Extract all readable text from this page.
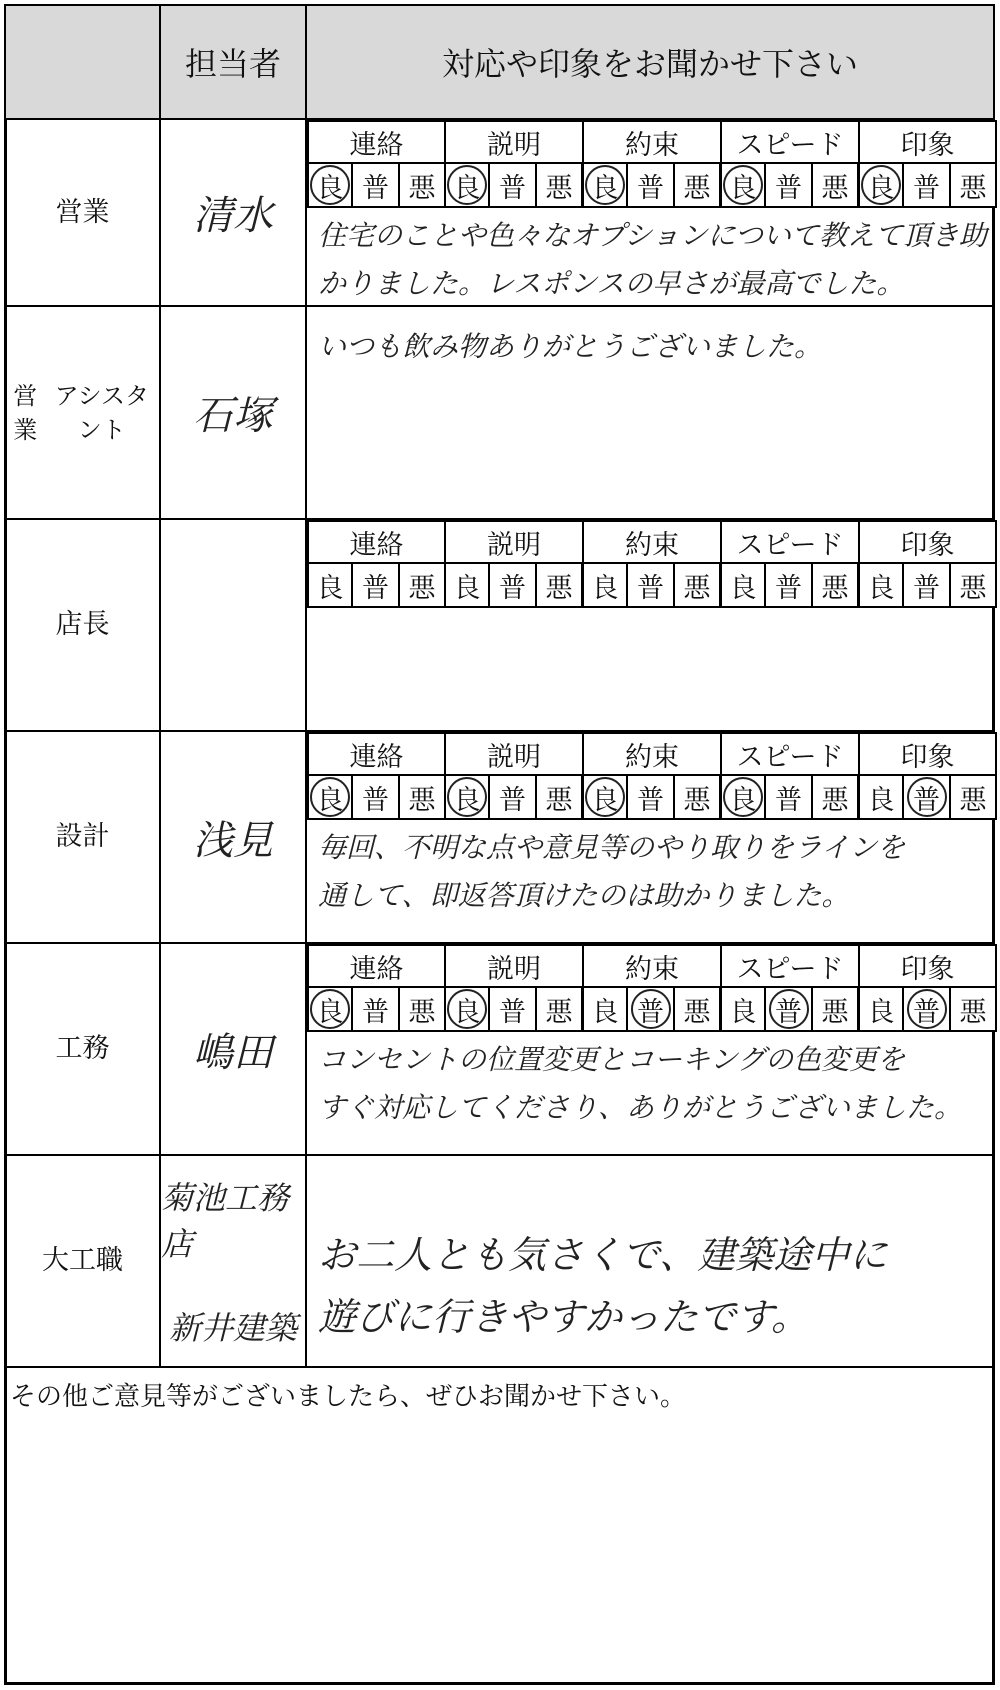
担当者	対応や印象をお聞かせ下さい
営業 清水
連絡
良 普 悪
説明
良 普 悪
約束
良 普 悪
スピード
良 普 悪
印象
良 普 悪
住宅のことや色々なオプションについて教えて頂き助
かりました。レスポンスの早さが最高でした。
営業
アシスタント	石塚
いつも飲み物ありがとうございました。
店長
連絡
良 普 悪
説明
良 普 悪
約束
良 普 悪
スピード
良 普 悪
印象
良 普 悪
設計 浅見
連絡
良 普 悪
説明
良 普 悪
約束
良 普 悪
スピード
良 普 悪
印象
良 普 悪
毎回、不明な点や意見等のやり取りをラインを
通して、即返答頂けたのは助かりました。
工務 嶋田
連絡
良 普 悪
説明
良 普 悪
約束
良 普 悪
スピード
良 普 悪
印象
良 普 悪
コンセントの位置変更とコーキングの色変更を
すぐ対応してくださり、ありがとうございました。
大工職
菊池工務店
新井建築
お二人とも気さくで、建築途中に
遊びに行きやすかったです。
その他ご意見等がございましたら、ぜひお聞かせ下さい。
